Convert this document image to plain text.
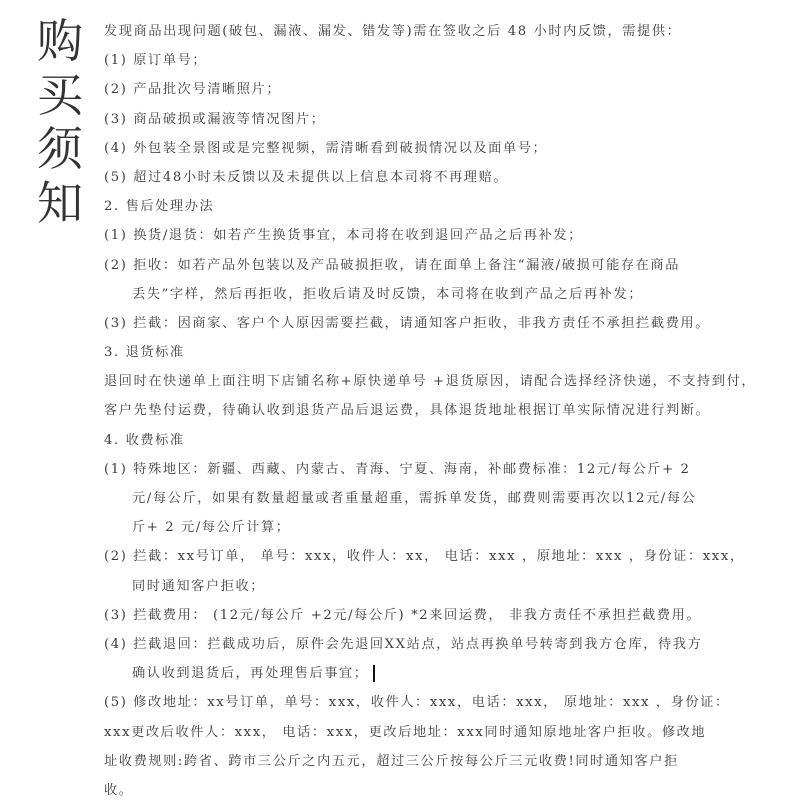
购
买
须
知
发现商品出现问题(破包、漏液、漏发、错发等)需在签收之后 48 小时内反馈，需提供：
(1) 原订单号；
(2) 产品批次号清晰照片；
(3) 商品破损或漏液等情况图片；
(4) 外包装全景图或是完整视频，需清晰看到破损情况以及面单号；
(5) 超过48小时未反馈以及未提供以上信息本司将不再理赔。
2. 售后处理办法
(1) 换货/退货：如若产生换货事宜，本司将在收到退回产品之后再补发；
(2) 拒收：如若产品外包装以及产品破损拒收，请在面单上备注“漏液/破损可能存在商品
丢失”字样，然后再拒收，拒收后请及时反馈，本司将在收到产品之后再补发；
(3) 拦截：因商家、客户个人原因需要拦截，请通知客户拒收，非我方责任不承担拦截费用。
3. 退货标准
退回时在快递单上面注明下店铺名称+原快递单号 +退货原因，请配合选择经济快递，不支持到付，
客户先垫付运费，待确认收到退货产品后退运费，具体退货地址根据订单实际情况进行判断。
4. 收费标准
(1) 特殊地区：新疆、西藏、内蒙古、青海、宁夏、海南，补邮费标准：12元/每公斤+ 2
元/每公斤，如果有数量超量或者重量超重，需拆单发货，邮费则需要再次以12元/每公
斤+ 2 元/每公斤计算；
(2) 拦截：xx号订单， 单号：xxx，收件人：xx， 电话：xxx ，原地址：xxx ，身份证：xxx，
同时通知客户拒收；
(3) 拦截费用： (12元/每公斤 +2元/每公斤) *2来回运费， 非我方责任不承担拦截费用。
(4) 拦截退回：拦截成功后，原件会先退回XX站点，站点再换单号转寄到我方仓库，待我方
确认收到退货后，再处理售后事宜；
(5) 修改地址：xx号订单，单号：xxx，收件人：xxx，电话：xxx， 原地址：xxx ，身份证：
xxx更改后收件人：xxx， 电话：xxx，更改后地址：xxx同时通知原地址客户拒收。修改地
址收费规则:跨省、跨市三公斤之内五元，超过三公斤按每公斤三元收费!同时通知客户拒
收。
